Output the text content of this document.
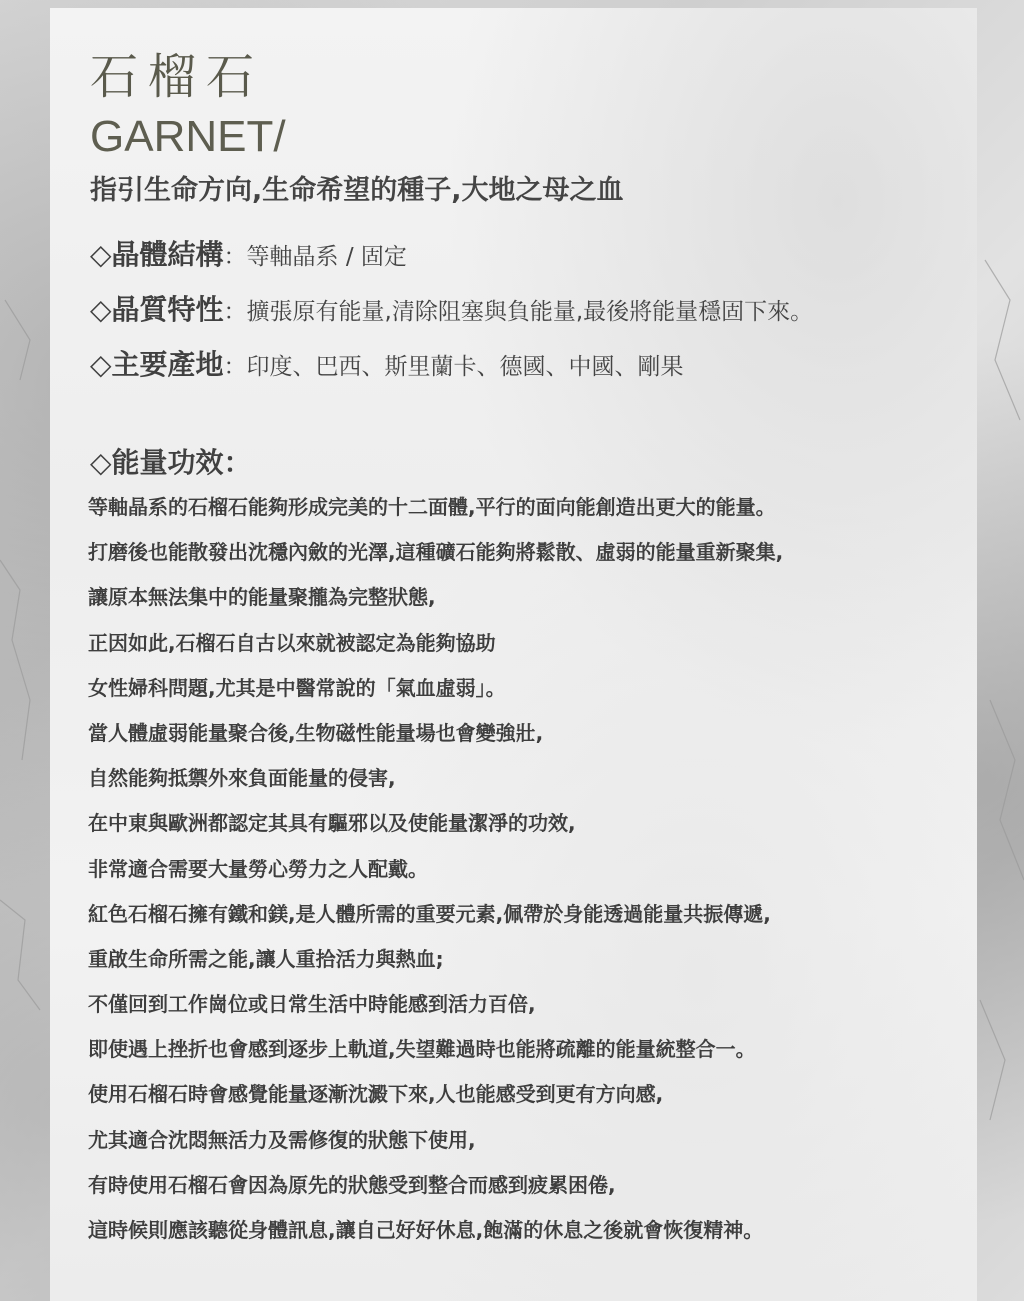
石榴石
GARNET/

指引生命方向,生命希望的種子,大地之母之血

◇晶體結構：等軸晶系 / 固定
◇晶質特性：擴張原有能量,清除阻塞與負能量,最後將能量穩固下來。
◇主要產地：印度、巴西、斯里蘭卡、德國、中國、剛果
◇能量功效：
等軸晶系的石榴石能夠形成完美的十二面體,平行的面向能創造出更大的能量。
打磨後也能散發出沈穩內斂的光澤,這種礦石能夠將鬆散、虛弱的能量重新聚集,
讓原本無法集中的能量聚攏為完整狀態,
正因如此,石榴石自古以來就被認定為能夠協助
女性婦科問題,尤其是中醫常說的「氣血虛弱」。
當人體虛弱能量聚合後,生物磁性能量場也會變強壯,
自然能夠抵禦外來負面能量的侵害,
在中東與歐洲都認定其具有驅邪以及使能量潔淨的功效,
非常適合需要大量勞心勞力之人配戴。
紅色石榴石擁有鐵和鎂,是人體所需的重要元素,佩帶於身能透過能量共振傳遞,
重啟生命所需之能,讓人重拾活力與熱血;
不僅回到工作崗位或日常生活中時能感到活力百倍,
即使遇上挫折也會感到逐步上軌道,失望難過時也能將疏離的能量統整合一。
使用石榴石時會感覺能量逐漸沈澱下來,人也能感受到更有方向感,
尤其適合沈悶無活力及需修復的狀態下使用,
有時使用石榴石會因為原先的狀態受到整合而感到疲累困倦,
這時候則應該聽從身體訊息,讓自己好好休息,飽滿的休息之後就會恢復精神。
